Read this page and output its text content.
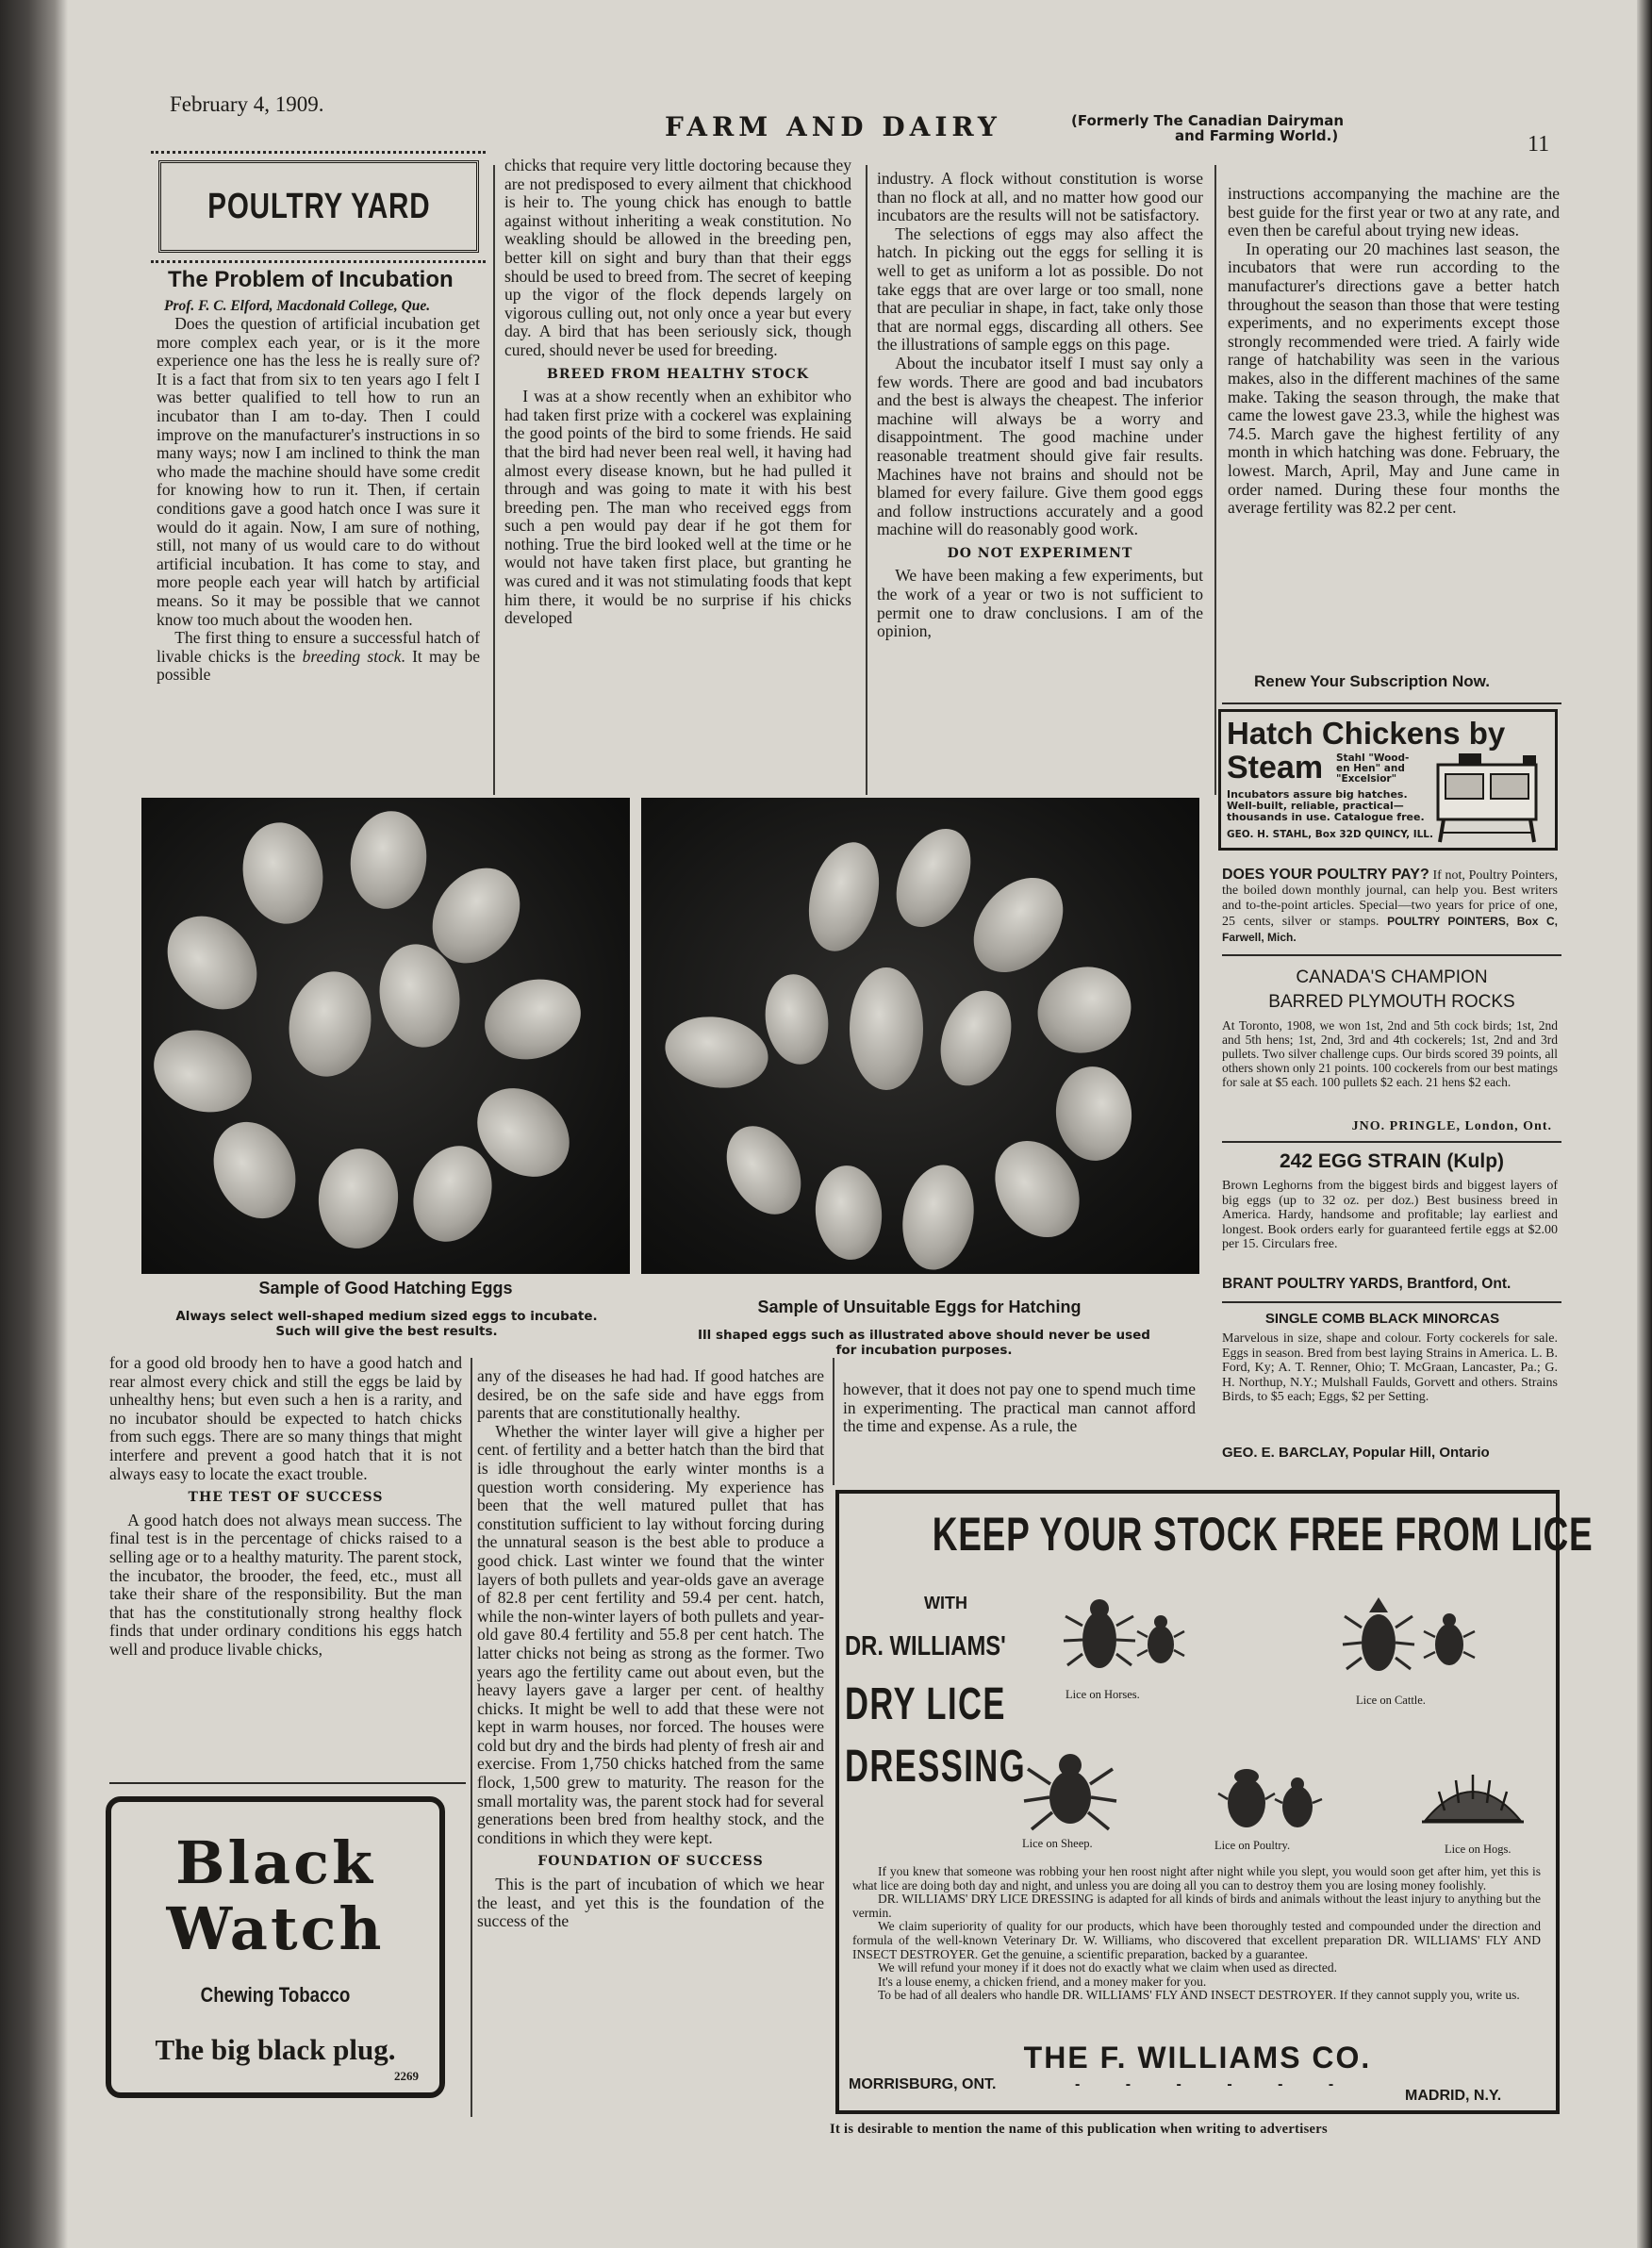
February 4, 1909.
FARM AND DAIRY	(Formerly The Canadian Dairyman
and Farming World.)	11
POULTRY YARD
The Problem of Incubation
Prof. F. C. Elford, Macdonald College, Que.

Does the question of artificial incubation get more complex each year, or is it the more experience one has the less he is really sure of? It is a fact that from six to ten years ago I felt I was better qualified to tell how to run an incubator than I am to-day. Then I could improve on the manufacturer's instructions in so many ways; now I am inclined to think the man who made the machine should have some credit for knowing how to run it. Then, if certain conditions gave a good hatch once I was sure it would do it again. Now, I am sure of nothing, still, not many of us would care to do without artificial incubation. It has come to stay, and more people each year will hatch by artificial means. So it may be possible that we cannot know too much about the wooden hen.

The first thing to ensure a successful hatch of livable chicks is the breeding stock. It may be possible

chicks that require very little doctoring because they are not predisposed to every ailment that chickhood is heir to. The young chick has enough to battle against without inheriting a weak constitution. No weakling should be allowed in the breeding pen, better kill on sight and bury than that their eggs should be used to breed from. The secret of keeping up the vigor of the flock depends largely on vigorous culling out, not only once a year but every day. A bird that has been seriously sick, though cured, should never be used for breeding.

BREED FROM HEALTHY STOCK

I was at a show recently when an exhibitor who had taken first prize with a cockerel was explaining the good points of the bird to some friends. He said that the bird had never been real well, it having had almost every disease known, but he had pulled it through and was going to mate it with his best breeding pen. The man who received eggs from such a pen would pay dear if he got them for nothing. True the bird looked well at the time or he would not have taken first place, but granting he was cured and it was not stimulating foods that kept him there, it would be no surprise if his chicks developed

industry. A flock without constitution is worse than no flock at all, and no matter how good our incubators are the results will not be satisfactory.

The selections of eggs may also affect the hatch. In picking out the eggs for selling it is well to get as uniform a lot as possible. Do not take eggs that are over large or too small, none that are peculiar in shape, in fact, take only those that are normal eggs, discarding all others. See the illustrations of sample eggs on this page.

About the incubator itself I must say only a few words. There are good and bad incubators and the best is always the cheapest. The inferior machine will always be a worry and disappointment. The good machine under reasonable treatment should give fair results. Machines have not brains and should not be blamed for every failure. Give them good eggs and follow instructions accurately and a good machine will do reasonably good work.

DO NOT EXPERIMENT

We have been making a few experiments, but the work of a year or two is not sufficient to permit one to draw conclusions. I am of the opinion,

instructions accompanying the machine are the best guide for the first year or two at any rate, and even then be careful about trying new ideas.

In operating our 20 machines last season, the incubators that were run according to the manufacturer's directions gave a better hatch throughout the season than those that were testing experiments, and no experiments except those strongly recommended were tried. A fairly wide range of hatchability was seen in the various makes, also in the different machines of the same make. Taking the season through, the make that came the lowest gave 23.3, while the highest was 74.5. March gave the highest fertility of any month in which hatching was done. February, the lowest. March, April, May and June came in order named. During these four months the average fertility was 82.2 per cent.

Renew Your Subscription Now.
Hatch Chickens by
Steam Stahl "Wood-
en Hen" and
"Excelsior"
Incubators assure big hatches.
Well-built, reliable, practical—
thousands in use. Catalogue free.
GEO. H. STAHL, Box 32D QUINCY, ILL.
DOES YOUR POULTRY PAY? If not, Poultry Pointers, the boiled down monthly journal, can help you. Best writers and to-the-point articles. Special—two years for price of one, 25 cents, silver or stamps. POULTRY POINTERS, Box C, Farwell, Mich.
CANADA'S CHAMPION
BARRED PLYMOUTH ROCKS
At Toronto, 1908, we won 1st, 2nd and 5th cock birds; 1st, 2nd and 5th hens; 1st, 2nd, 3rd and 4th cockerels; 1st, 2nd and 3rd pullets. Two silver challenge cups. Our birds scored 39 points, all others shown only 21 points. 100 cockerels from our best matings for sale at $5 each. 100 pullets $2 each. 21 hens $2 each.
JNO. PRINGLE, London, Ont.
242 EGG STRAIN (Kulp)
Brown Leghorns from the biggest birds and biggest layers of big eggs (up to 32 oz. per doz.) Best business breed in America. Hardy, handsome and profitable; lay earliest and longest. Book orders early for guaranteed fertile eggs at $2.00 per 15. Circulars free.
BRANT POULTRY YARDS, Brantford, Ont.
SINGLE COMB BLACK MINORCAS
Marvelous in size, shape and colour. Forty cockerels for sale. Eggs in season. Bred from best laying Strains in America. L. B. Ford, Ky; A. T. Renner, Ohio; T. McGraan, Lancaster, Pa.; G. H. Northup, N.Y.; Mulshall Faulds, Gorvett and others. Strains Birds, to $5 each; Eggs, $2 per Setting.
GEO. E. BARCLAY, Popular Hill, Ontario
Sample of Good Hatching Eggs
Always select well-shaped medium sized eggs to incubate.
Such will give the best results.
Sample of Unsuitable Eggs for Hatching
Ill shaped eggs such as illustrated above should never be used
for incubation purposes.

for a good old broody hen to have a good hatch and rear almost every chick and still the eggs be laid by unhealthy hens; but even such a hen is a rarity, and no incubator should be expected to hatch chicks from such eggs. There are so many things that might interfere and prevent a good hatch that it is not always easy to locate the exact trouble.

THE TEST OF SUCCESS

A good hatch does not always mean success. The final test is in the percentage of chicks raised to a selling age or to a healthy maturity. The parent stock, the incubator, the brooder, the feed, etc., must all take their share of the responsibility. But the man that has the constitutionally strong healthy flock finds that under ordinary conditions his eggs hatch well and produce livable chicks,

Black
Watch
Chewing Tobacco
The big black plug.
2269

any of the diseases he had had. If good hatches are desired, be on the safe side and have eggs from parents that are constitutionally healthy.

Whether the winter layer will give a higher per cent. of fertility and a better hatch than the bird that is idle throughout the early winter months is a question worth considering. My experience has been that the well matured pullet that has constitution sufficient to lay without forcing during the unnatural season is the best able to produce a good chick. Last winter we found that the winter layers of both pullets and year-olds gave an average of 82.8 per cent fertility and 59.4 per cent. hatch, while the non-winter layers of both pullets and year-old gave 80.4 fertility and 55.8 per cent hatch. The latter chicks not being as strong as the former. Two years ago the fertility came out about even, but the heavy layers gave a larger per cent. of healthy chicks. It might be well to add that these were not kept in warm houses, nor forced. The houses were cold but dry and the birds had plenty of fresh air and exercise. From 1,750 chicks hatched from the same flock, 1,500 grew to maturity. The reason for the small mortality was, the parent stock had for several generations been bred from healthy stock, and the conditions in which they were kept.

FOUNDATION OF SUCCESS

This is the part of incubation of which we hear the least, and yet this is the foundation of the success of the

however, that it does not pay one to spend much time in experimenting. The practical man cannot afford the time and expense. As a rule, the

KEEP YOUR STOCK FREE FROM LICE
WITH
DR. WILLIAMS'
DRY LICE
DRESSING
Lice on Horses.	Lice on Cattle.
Lice on Sheep.	Lice on Poultry.	Lice on Hogs.

If you knew that someone was robbing your hen roost night after night while you slept, you would soon get after him, yet this is what lice are doing both day and night, and unless you are doing all you can to destroy them you are losing money foolishly.

DR. WILLIAMS' DRY LICE DRESSING is adapted for all kinds of birds and animals without the least injury to anything but the vermin.

We claim superiority of quality for our products, which have been thoroughly tested and compounded under the direction and formula of the well-known Veterinary Dr. W. Williams, who discovered that excellent preparation DR. WILLIAMS' FLY AND INSECT DESTROYER. Get the genuine, a scientific preparation, backed by a guarantee.

We will refund your money if it does not do exactly what we claim when used as directed.

It's a louse enemy, a chicken friend, and a money maker for you.

To be had of all dealers who handle DR. WILLIAMS' FLY AND INSECT DESTROYER. If they cannot supply you, write us.

THE F. WILLIAMS CO.
MORRISBURG, ONT.	- - - - - -
MADRID, N.Y.
It is desirable to mention the name of this publication when writing to advertisers
